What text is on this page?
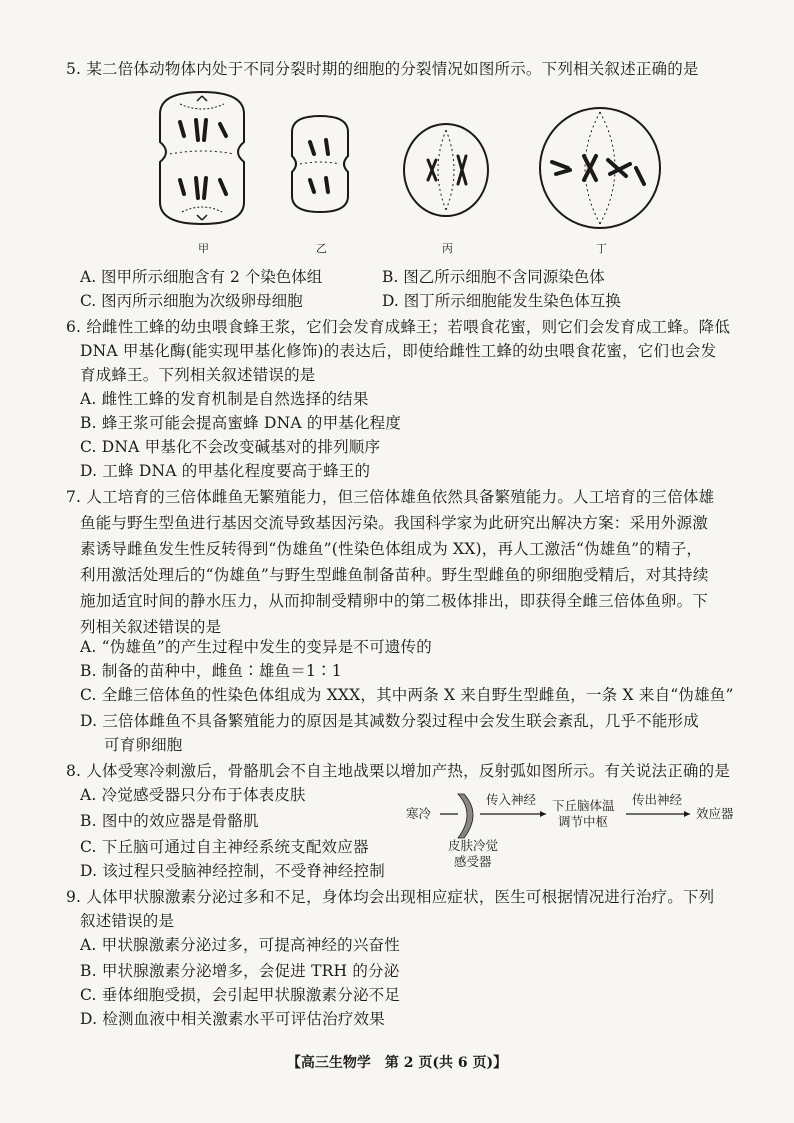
5. 某二倍体动物体内处于不同分裂时期的细胞的分裂情况如图所示。下列相关叙述正确的是
甲	乙	丙	丁
A. 图甲所示细胞含有 2 个染色体组	B. 图乙所示细胞不含同源染色体
C. 图丙所示细胞为次级卵母细胞	D. 图丁所示细胞能发生染色体互换
6. 给雌性工蜂的幼虫喂食蜂王浆，它们会发育成蜂王；若喂食花蜜，则它们会发育成工蜂。降低
DNA 甲基化酶(能实现甲基化修饰)的表达后，即使给雌性工蜂的幼虫喂食花蜜，它们也会发
育成蜂王。下列相关叙述错误的是
A. 雌性工蜂的发育机制是自然选择的结果
B. 蜂王浆可能会提高蜜蜂 DNA 的甲基化程度
C. DNA 甲基化不会改变碱基对的排列顺序
D. 工蜂 DNA 的甲基化程度要高于蜂王的
7. 人工培育的三倍体雌鱼无繁殖能力，但三倍体雄鱼依然具备繁殖能力。人工培育的三倍体雄
鱼能与野生型鱼进行基因交流导致基因污染。我国科学家为此研究出解决方案：采用外源激
素诱导雌鱼发生性反转得到“伪雄鱼”(性染色体组成为 XX)，再人工激活“伪雄鱼”的精子，
利用激活处理后的“伪雄鱼”与野生型雌鱼制备苗种。野生型雌鱼的卵细胞受精后，对其持续
施加适宜时间的静水压力，从而抑制受精卵中的第二极体排出，即获得全雌三倍体鱼卵。下
列相关叙述错误的是
A. “伪雄鱼”的产生过程中发生的变异是不可遗传的
B. 制备的苗种中，雌鱼∶雄鱼＝1∶1
C. 全雌三倍体鱼的性染色体组成为 XXX，其中两条 X 来自野生型雌鱼，一条 X 来自“伪雄鱼”
D. 三倍体雌鱼不具备繁殖能力的原因是其减数分裂过程中会发生联会紊乱，几乎不能形成
可育卵细胞
8. 人体受寒冷刺激后，骨骼肌会不自主地战栗以增加产热，反射弧如图所示。有关说法正确的是
A. 冷觉感受器只分布于体表皮肤
B. 图中的效应器是骨骼肌
C. 下丘脑可通过自主神经系统支配效应器
D. 该过程只受脑神经控制，不受脊神经控制
寒冷
传入神经 下丘脑体温
调节中枢
传出神经
效应器
皮肤冷觉
感受器
9. 人体甲状腺激素分泌过多和不足，身体均会出现相应症状，医生可根据情况进行治疗。下列
叙述错误的是
A. 甲状腺激素分泌过多，可提高神经的兴奋性
B. 甲状腺激素分泌增多，会促进 TRH 的分泌
C. 垂体细胞受损，会引起甲状腺激素分泌不足
D. 检测血液中相关激素水平可评估治疗效果
【高三生物学　第 2 页(共 6 页)】
